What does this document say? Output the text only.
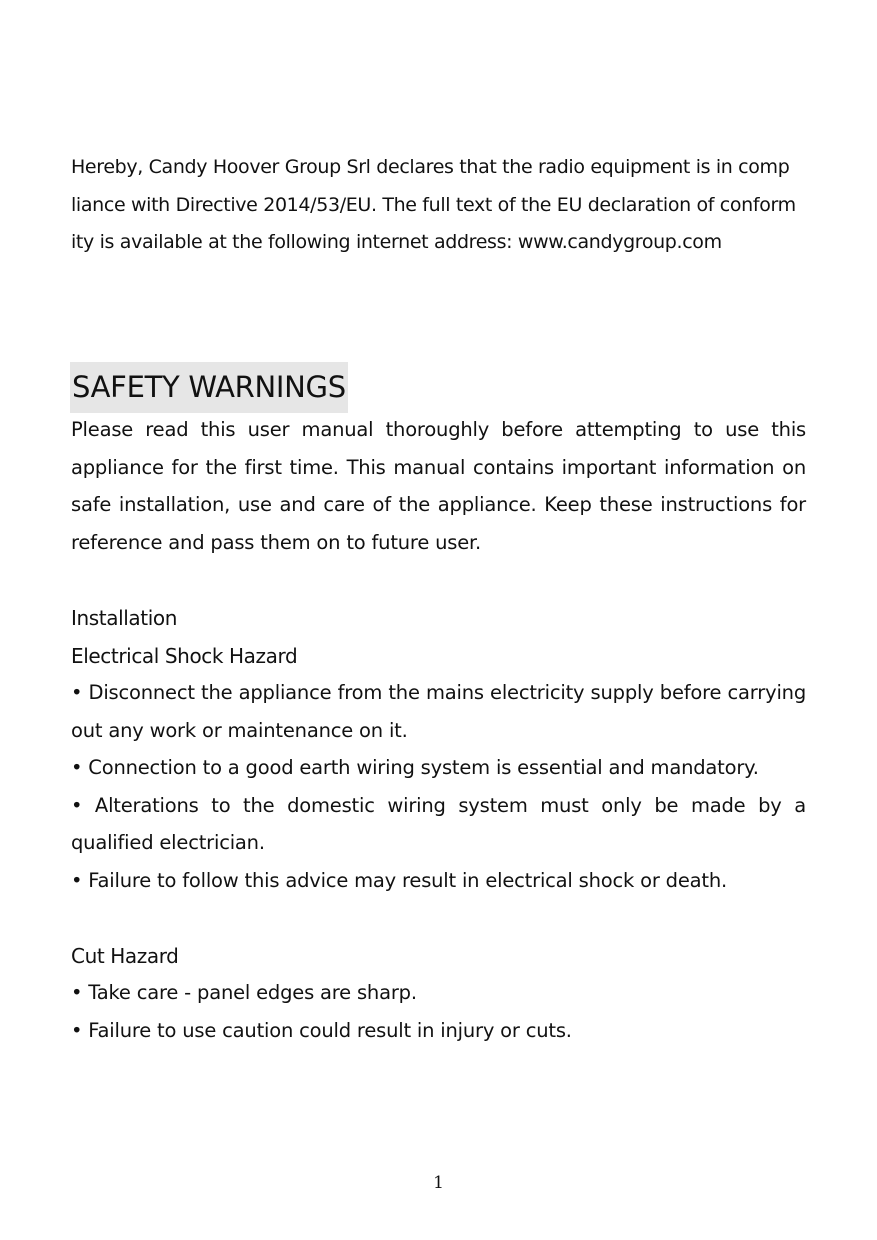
Hereby, Candy Hoover Group Srl declares that the radio equipment is in comp
liance with Directive 2014/53/EU. The full text of the EU declaration of conform
ity is available at the following internet address: www.candygroup.com
SAFETY WARNINGS

Please read this user manual thoroughly before attempting to use this appliance for the first time. This manual contains important information on safe installation, use and care of the appliance. Keep these instructions for reference and pass them on to future user.

Installation
Electrical Shock Hazard
• Disconnect the appliance from the mains electricity supply before carrying out any work or maintenance on it.
• Connection to a good earth wiring system is essential and mandatory.
• Alterations to the domestic wiring system must only be made by a qualified electrician.
• Failure to follow this advice may result in electrical shock or death.
Cut Hazard
• Take care - panel edges are sharp.
• Failure to use caution could result in injury or cuts.
1
